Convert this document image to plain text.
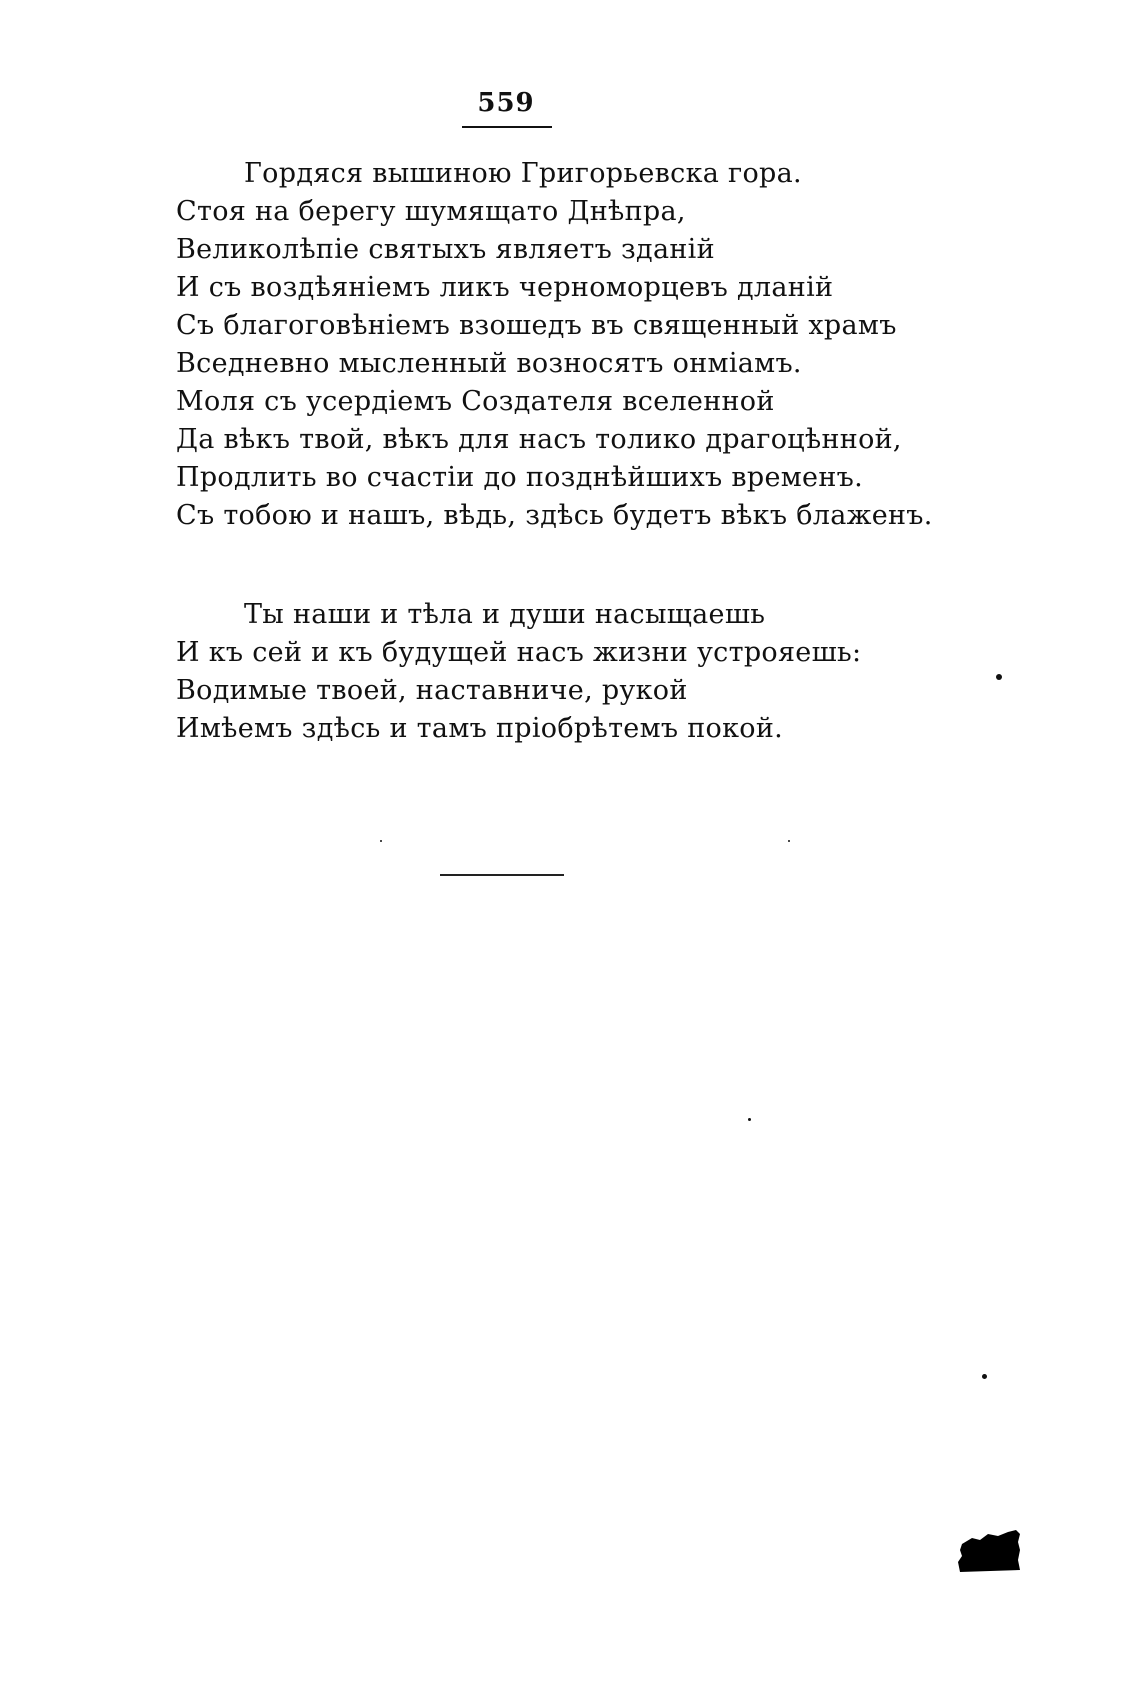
559
Гордяся вышиною Григорьевска гора.
Стоя на берегу шумящато Днѣпра,
Великолѣпiе святыхъ являетъ зданiй
И съ воздѣянiемъ ликъ черноморцевъ дланiй
Съ благоговѣнiемъ взошедъ въ священный храмъ
Вседневно мысленный возносятъ онмiамъ.
Моля съ усердiемъ Создателя вселенной
Да вѣкъ твой, вѣкъ для насъ толико драгоцѣнной,
Продлить во счастiи до позднѣйшихъ временъ.
Съ тобою и нашъ, вѣдь, здѣсь будетъ вѣкъ блаженъ.
Ты наши и тѣла и души насыщаешь
И къ сей и къ будущей насъ жизни устрояешь:
Водимые твоей, наставниче, рукой
Имѣемъ здѣсь и тамъ прiобрѣтемъ покой.
